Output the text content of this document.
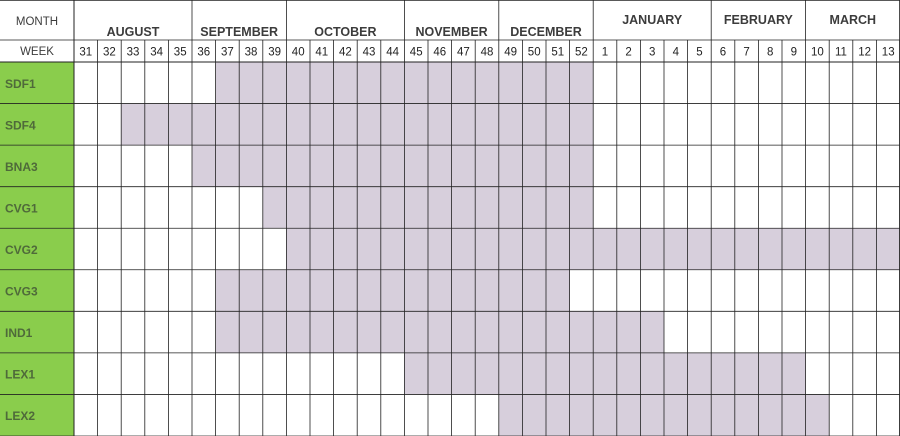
MONTH
WEEK
AUGUST
31 32 33 34 35
SEPTEMBER
36 37 38 39
OCTOBER
40 41 42 43 44
NOVEMBER
45 46 47 48
DECEMBER
49 50 51 52
JANUARY
1 2 3 4 5
FEBRUARY
6 7 8 9
MARCH
10 11 12 13
SDF1
SDF4
BNA3
CVG1
CVG2
CVG3
IND1
LEX1
LEX2
